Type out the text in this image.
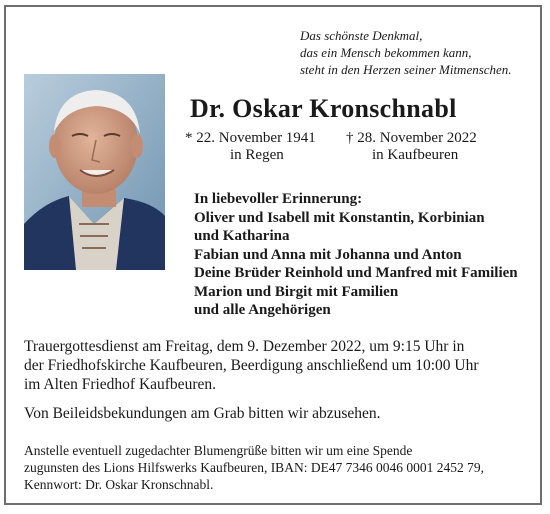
Das schönste Denkmal,
das ein Mensch bekommen kann,
steht in den Herzen seiner Mitmenschen.
Dr. Oskar Kronschnabl
* 22. November 1941 † 28. November 2022
in Regen	in Kaufbeuren
In liebevoller Erinnerung:
Oliver und Isabell mit Konstantin, Korbinian
und Katharina
Fabian und Anna mit Johanna und Anton
Deine Brüder Reinhold und Manfred mit Familien
Marion und Birgit mit Familien
und alle Angehörigen
Trauergottesdienst am Freitag, dem 9. Dezember 2022, um 9:15 Uhr in
der Friedhofskirche Kaufbeuren, Beerdigung anschließend um 10:00 Uhr
im Alten Friedhof Kaufbeuren.
Von Beileidsbekundungen am Grab bitten wir abzusehen.
Anstelle eventuell zugedachter Blumengrüße bitten wir um eine Spende
zugunsten des Lions Hilfswerks Kaufbeuren, IBAN: DE47 7346 0046 0001 2452 79,
Kennwort: Dr. Oskar Kronschnabl.
